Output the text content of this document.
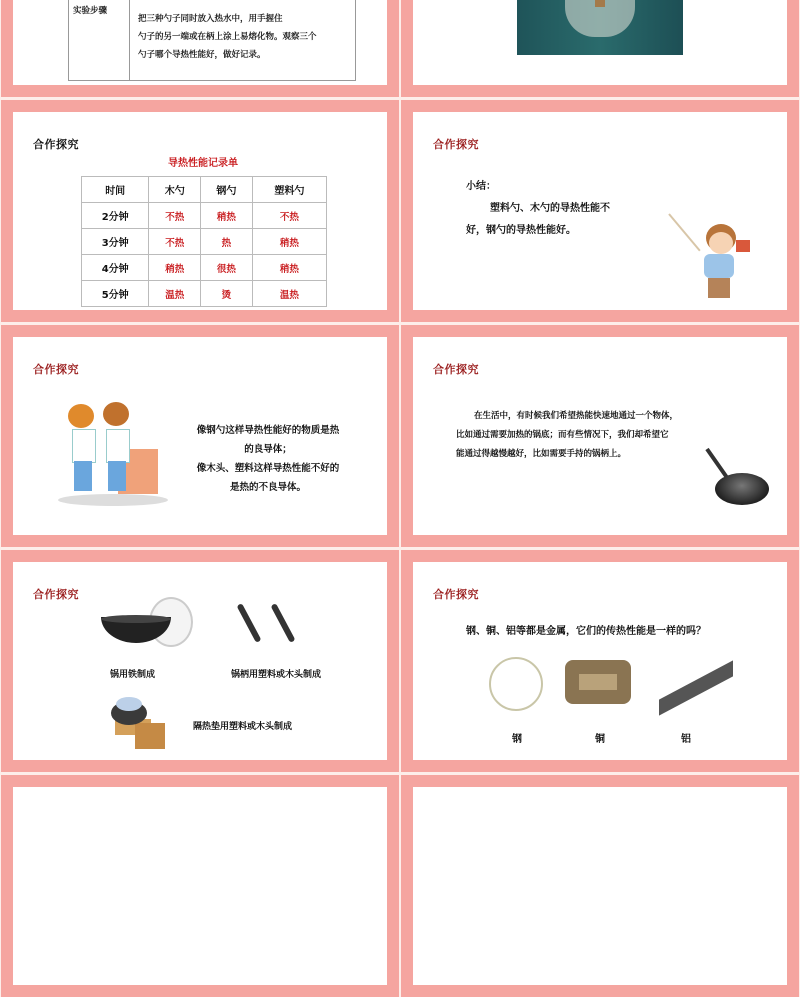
实验步骤	把三种勺子同时放入热水中，用手握住
勺子的另一端或在柄上涂上易熔化物。观察三个
勺子哪个导热性能好，做好记录。
合作探究
导热性能记录单
时间	木勺	钢勺	塑料勺
2分钟	不热	稍热	不热
3分钟	不热	热	稍热
4分钟	稍热	很热	稍热
5分钟	温热	烫	温热
合作探究
小结：
塑料勺、木勺的导热性能不
好，钢勺的导热性能好。
合作探究
像钢勺这样导热性能好的物质是热
的良导体；
像木头、塑料这样导热性能不好的
是热的不良导体。
合作探究
在生活中，有时候我们希望热能快速地通过一个物体，
比如通过需要加热的锅底；而有些情况下，我们却希望它
能通过得越慢越好，比如需要手持的锅柄上。
合作探究
锅用铁制成	锅柄用塑料或木头制成
隔热垫用塑料或木头制成
合作探究
钢、铜、铝等都是金属，它们的传热性能是一样的吗？
钢	铜	铝
